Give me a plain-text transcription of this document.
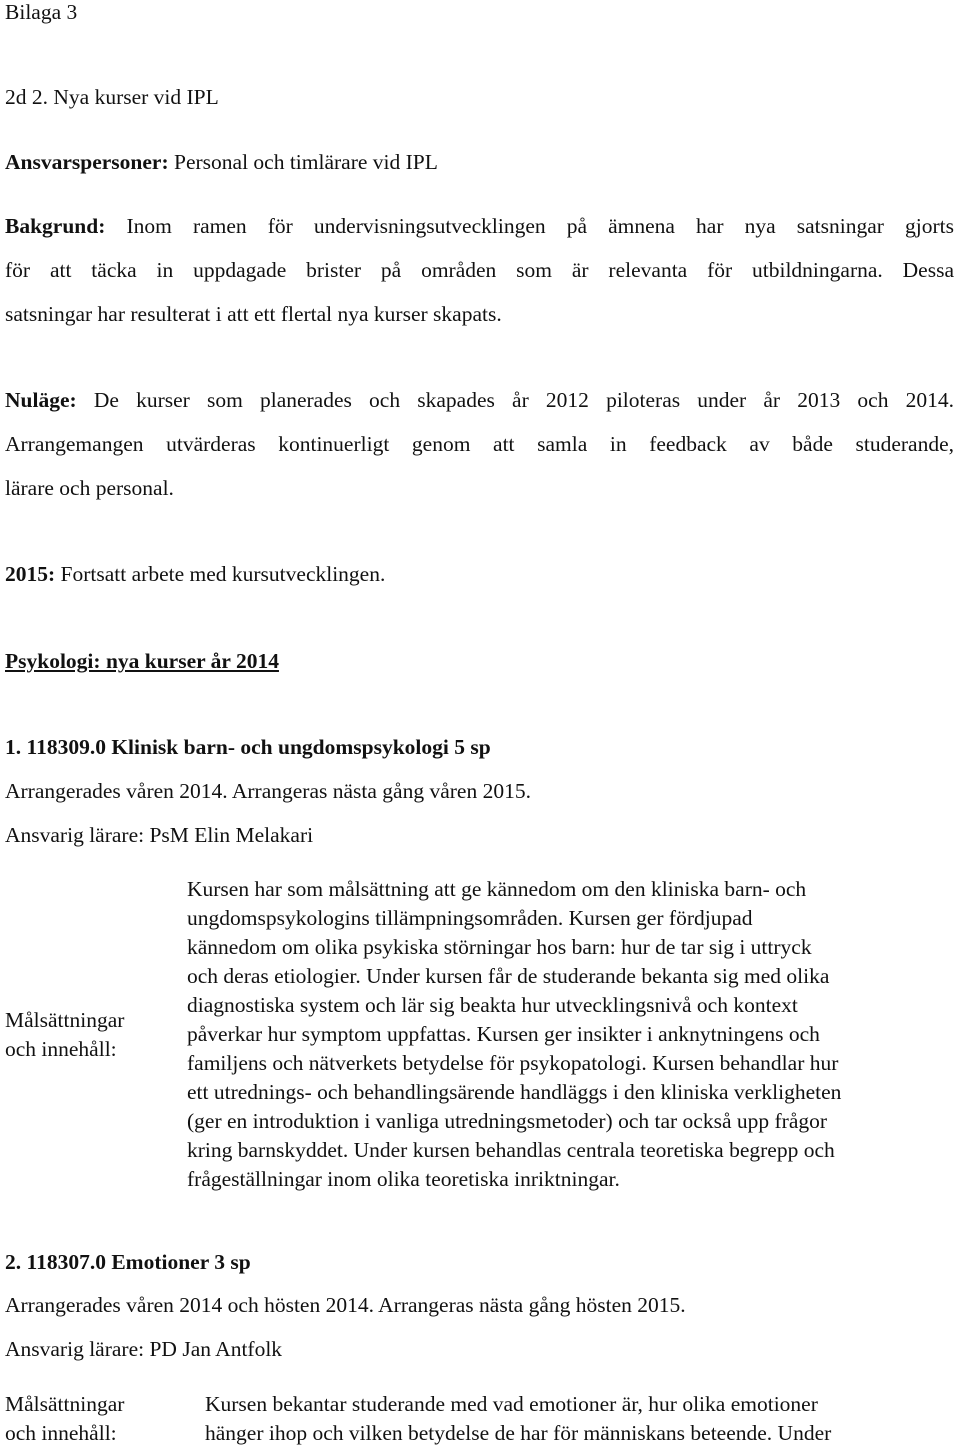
Bilaga 3

2d 2. Nya kurser vid IPL

Ansvarspersoner: Personal och timlärare vid IPL

Bakgrund: Inom ramen för undervisningsutvecklingen på ämnena har nya satsningar gjorts

för att täcka in uppdagade brister på områden som är relevanta för utbildningarna. Dessa

satsningar har resulterat i att ett flertal nya kurser skapats.

Nuläge: De kurser som planerades och skapades år 2012 piloteras under år 2013 och 2014.

Arrangemangen utvärderas kontinuerligt genom att samla in feedback av både studerande,

lärare och personal.

2015: Fortsatt arbete med kursutvecklingen.

Psykologi: nya kurser år 2014

1. 118309.0 Klinisk barn- och ungdomspsykologi 5 sp

Arrangerades våren 2014. Arrangeras nästa gång våren 2015.

Ansvarig lärare: PsM Elin Melakari

Målsättningar

och innehåll:

Kursen har som målsättning att ge kännedom om den kliniska barn- och
ungdomspsykologins tillämpningsområden. Kursen ger fördjupad
kännedom om olika psykiska störningar hos barn: hur de tar sig i uttryck
och deras etiologier. Under kursen får de studerande bekanta sig med olika
diagnostiska system och lär sig beakta hur utvecklingsnivå och kontext
påverkar hur symptom uppfattas. Kursen ger insikter i anknytningens och
familjens och nätverkets betydelse för psykopatologi. Kursen behandlar hur
ett utrednings- och behandlingsärende handläggs i den kliniska verkligheten
(ger en introduktion i vanliga utredningsmetoder) och tar också upp frågor
kring barnskyddet. Under kursen behandlas centrala teoretiska begrepp och
frågeställningar inom olika teoretiska inriktningar.

2. 118307.0 Emotioner 3 sp

Arrangerades våren 2014 och hösten 2014. Arrangeras nästa gång hösten 2015.

Ansvarig lärare: PD Jan Antfolk

Målsättningar

och innehåll:

Kursen bekantar studerande med vad emotioner är, hur olika emotioner
hänger ihop och vilken betydelse de har för människans beteende. Under
